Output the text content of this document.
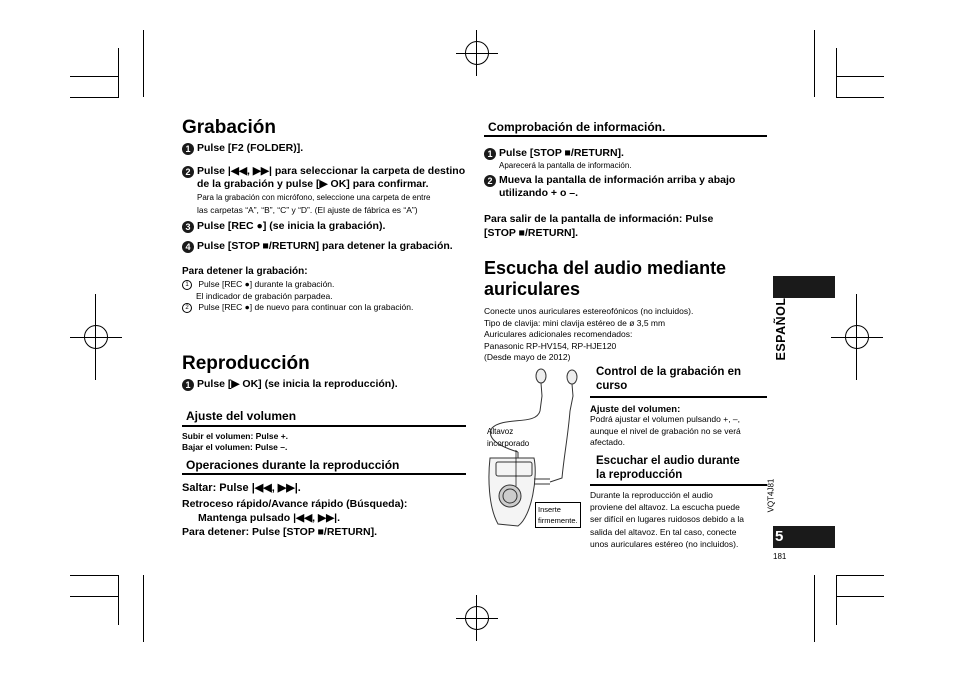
Grabación
1 Pulse [F2 (FOLDER)].
2 Pulse |◀◀, ▶▶| para seleccionar la carpeta de destino
de la grabación y pulse [▶ OK] para confirmar.
Para la grabación con micrófono, seleccione una carpeta de entre
las carpetas “A”, “B”, “C” y “D”. (El ajuste de fábrica es “A”)
3 Pulse [REC ●] (se inicia la grabación).
4 Pulse [STOP ■/RETURN] para detener la grabación.
Para detener la grabación:
1 Pulse [REC ●] durante la grabación.
El indicador de grabación parpadea.
2 Pulse [REC ●] de nuevo para continuar con la grabación.
Reproducción
1 Pulse [▶ OK] (se inicia la reproducción).
Ajuste del volumen
Subir el volumen: Pulse +.
Bajar el volumen: Pulse –.
Operaciones durante la reproducción
Saltar: Pulse |◀◀, ▶▶|.
Retroceso rápido/Avance rápido (Búsqueda):
Mantenga pulsado |◀◀, ▶▶|.
Para detener: Pulse [STOP ■/RETURN].
Comprobación de información.
1 Pulse [STOP ■/RETURN].
Aparecerá la pantalla de información.
2 Mueva la pantalla de información arriba y abajo
utilizando + o –.
Para salir de la pantalla de información: Pulse
[STOP ■/RETURN].
Escucha del audio mediante
auriculares
Conecte unos auriculares estereofónicos (no incluidos).
Tipo de clavija: mini clavija estéreo de ø 3,5 mm
Auriculares adicionales recomendados:
Panasonic RP-HV154, RP-HJE120
(Desde mayo de 2012)
Altavoz
incorporado
Inserte
firmemente.
Control de la grabación en
curso
Ajuste del volumen:
Podrá ajustar el volumen pulsando +, –,
aunque el nivel de grabación no se verá
afectado.
Escuchar el audio durante
la reproducción
Durante la reproducción el audio
proviene del altavoz. La escucha puede
ser difícil en lugares ruidosos debido a la
salida del altavoz. En tal caso, conecte
unos auriculares estéreo (no incluidos).
ESPAÑOL
VQT4J81
5
181
